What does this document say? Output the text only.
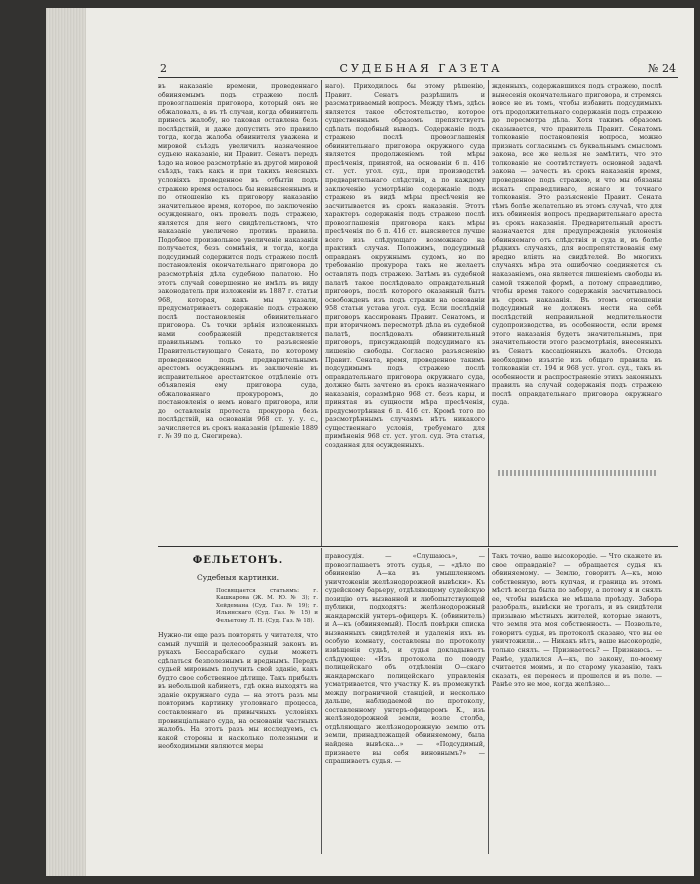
2	СУДЕБНАЯ ГАЗЕТА	№ 24

въ наказаніе времени, проведеннаго обвиняемымъ подъ стражею послѣ провозглашенія приговора, который онъ не обжаловалъ, а въ тѣ случаи, когда обвинитель принесъ жалобу, но таковая оставлена безъ послѣдствій, и даже допустить это правило тогда, когда жалоба обвинителя уважена и мировой съѣздъ увеличилъ назначенное судьею наказаніе, ни Правит. Сенатъ передъ ѣздо на новое разсмотрѣніе въ другой мировой съѣздъ, такъ какъ и при такихъ неясныхъ условіяхъ проведенное въ отбытіи подъ стражею время осталось бы невыясненнымъ и по отношенію къ приговору наказанію значительное время, которое, по заключенію осужденнаго, онъ провелъ подъ стражею, является для него свидѣтельствомъ, что наказаніе увеличено противъ правила. Подобное произвольное увеличеніе наказанія получается, безъ сомнѣнія, и тогда, когда подсудимый содержится подъ стражею послѣ постановленія окончательнаго приговора до разсмотрѣнія дѣла судебною палатою. Но этотъ случай совершенно не имѣлъ въ виду законодатель при изложеніи въ 1887 г. статьи 968, которая, какъ мы указали, предусматриваетъ содержаніе подъ стражею послѣ постановленія обвинительнаго приговора. Съ точки зрѣнія изложенныхъ нами соображеній представляется правильнымъ только то разъясненіе Правительствующаго Сената, по которому проведенное подъ предварительнымъ арестомъ осужденнымъ въ заключеніе въ исправительное арестантское отдѣленіе отъ объявленія ему приговора суда, обжалованнаго прокуроромъ, до постановленія о немъ новаго приговора, или до оставленія протеста прокурора безъ послѣдствій, на основаніи 968 ст. у. у. с., зачисляется въ срокъ наказанія (рѣшеніе 1889 г. № 39 по д. Снегирева).

наго). Приходилось бы этому рѣшенію, Правит. Сенатъ разрѣшилъ и разсматриваемый вопросъ. Между тѣмъ, здѣсь является такое обстоятельство, которое существеннымъ образомъ препятствуетъ сдѣлать подобный выводъ. Содержаніе подъ стражею послѣ провозглашенія обвинительнаго приговора окружного суда является продолженіемъ той мѣры пресѣченія, принятой, на основаніи 6 п. 416 ст. уст. угол. суд., при производствѣ предварительнаго слѣдствія, а по каждому заключенію усмотрѣнію содержаніе подъ стражею въ видѣ мѣры пресѣченія не засчитывается въ срокъ наказанія. Этотъ характеръ содержанія подъ стражею послѣ провозглашенія приговора какъ мѣры пресѣченія по 6 п. 416 ст. выясняется лучше всего изъ слѣдующаго возможнаго на практикѣ случая. Положимъ, подсудимый оправданъ окружнымъ судомъ, но по требованію прокурора такъ не желаетъ оставлять подъ стражею. Затѣмъ въ судебной палатѣ такое послѣдовало оправдательный приговоръ, послѣ которого оказанный бытъ освобожденъ изъ подъ стражи на основаніи 958 статьи устава угол. суд. Если послѣдній приговоръ кассированъ Правит. Сенатомъ, и при вторичномъ пересмотрѣ дѣла въ судебной палатѣ, послѣдовалъ обвинительный приговоръ, присуждающій подсудимаго къ лишенію свободы. Согласно разъясненію Правит. Сената, время, проведенное такимъ подсудимымъ подъ стражею послѣ оправдательнаго приговора окружнаго суда, должно быть зачтено въ срокъ назначеннаго наказанія, соразмѣрно 968 ст. безъ кары, и принятая въ сущности мѣра пресѣченія, предусмотрѣнная 6 п. 416 ст. Кромѣ того по разсмотрѣннымъ случаямъ нѣтъ никакого существеннаго условія, требуемаго для примѣненія 968 ст. уст. угол. суд. Эта статья, созданная для осужденныхъ.

жденныхъ, содержавшихся подъ стражею, послѣ вынесенія окончательнаго приговора, и стремясь вовсе не въ томъ, чтобы избавить подсудимыхъ отъ продолжительнаго содержанія подъ стражею до пересмотра дѣла. Хотя такимъ образомъ сказывается, что правитель Правит. Сенатомъ толкованіе постановленія вопроса, можно признать согласнымъ съ буквальнымъ смысломъ закона, все же нельзя не замѣтить, что это толкованіе не соотвѣтствуетъ основной задачѣ закона — зачесть въ срокъ наказанія время, проведенное подъ стражею, и что мы обязаны искать справедливаго, яснаго и точнаго толкованія. Это разъясненіе Правит. Сената тѣмъ болѣе желательно въ этомъ случаѣ, что для ихъ обвиненія вопросъ предварительнаго ареста въ срокъ наказанія. Предварительный арестъ назначается для предупрежденія уклоненія обвиняемаго отъ слѣдствія и суда и, въ болѣе рѣдкихъ случаяхъ, для воспрепятствованія ему вредно вліять на свидѣтелей. Во многихъ случаяхъ мѣра эта ошибочно соединяется съ наказаніемъ, она является лишеніемъ свободы въ самой тяжелой формѣ, а потому справедливо, чтобы время такого содержанія засчитывалось въ срокъ наказанія. Въ этомъ отношеніи подсудимый не долженъ нести на себѣ послѣдствій неправильной медлительности судопроизводства, въ особенности, если время этого наказанія будетъ значительнымъ, при значительности этого разсмотрѣнія, внесенныхъ въ Сенатъ кассаціонныхъ жалобъ. Отсюда необходимо изъятіе изъ общаго правила въ толкованіи ст. 194 и 968 уст. угол. суд., такъ въ особенности и распространеніе этихъ законныхъ правилъ на случай содержанія подъ стражею послѣ оправдательнаго приговора окружнаго суда.

ФЕЛЬЕТОНЪ.
Судебныя картинки.
Посвящается статьямъ: г. Кашкарова (Ж. М. Ю. № 3); г. Хейдемана (Суд. Газ. № 19); г. Ильинскаго (Суд. Газ. № 15) и Фельетону Л. Н. (Суд. Газ. № 18).

Нужно-ли еще разъ повторять у читателя, что самый лучшій и целесообразный законъ въ рукахъ Бессарабскаго судьи можетъ сдѣлаться безполезнымъ и вреднымъ. Передъ судьей мировымъ получить свой зданіе, какъ будто свое собственное дѣтище. Такъ прибылъ въ небольшой кабинетъ, гдѣ окна выходятъ на зданіе окружнаго суда — на этотъ разъ мы повторимъ картинку уголовнаго процесса, составленнаго въ привычныхъ условіяхъ провинціальнаго суда, на основаніи частныхъ жалобъ. На этотъ разъ мы исследуемъ, съ какой стороны и насколько полезными и необходимыми являются меры

правосудія. — «Слушаюсь», — провозглашаетъ этотъ судья, — «дѣло по обвиненію А—ка въ умышленномъ уничтоженіи желѣзнодорожной вывѣски». Къ судейскому барьеру, отдѣляющему судейскую позицію отъ вызванной и любопытствующей публики, подходятъ: желѣзнодорожный жандармскій унтеръ-офицеръ К. (обвинитель) и А—къ (обвиняемый). Послѣ повѣрки списка вызванныхъ свидѣтелей и удаленія ихъ въ особую комнату, составлены по протоколу извѣщенія судьѣ, и судья докладываетъ слѣдующее: «Изъ протокола по поводу полицейскаго объ отдѣленіи О—скаго жандармскаго полицейскаго управленія усматривается, что участку К. въ промежуткѣ между пограничной станціей, и несколько дальше, наблюдаемой по протоколу, составленному унтеръ-офицеромъ К., изъ желѣзнодорожной земли, возле столба, отдѣляющаго желѣзнодорожную землю отъ земли, принадлежащей обвиняемому, была найдена вывѣска...» — «Подсудимый, признаете вы себя виновнымъ?» — спрашиваетъ судья. —

Такъ точно, ваше высокородіе. — Что скажете въ свое оправданіе? — обращается судья къ обвиняемому. — Землю, говоритъ А—къ, мою собственную, вотъ купчая, и граница въ этомъ мѣстѣ всегда была по забору, а потому я и снялъ ее, чтобы вывѣска не мѣшала проѣзду. Забора разобралъ, вывѣски не трогалъ, и въ свидѣтели призываю мѣстныхъ жителей, которые знаютъ, что земля эта моя собственность. — Позвольте, говоритъ судья, въ протоколѣ сказано, что вы ее уничтожили... — Никакъ нѣтъ, ваше высокородіе, только снялъ. — Признаетесь? — Признаюсь. — Ранѣе, удалился А—къ, по закону, по-моему считается моимъ, и по старому указанію, такъ сказать, ея перенесъ и прошелся и въ поле. — Ранѣе это не мое, когда желѣзно...
